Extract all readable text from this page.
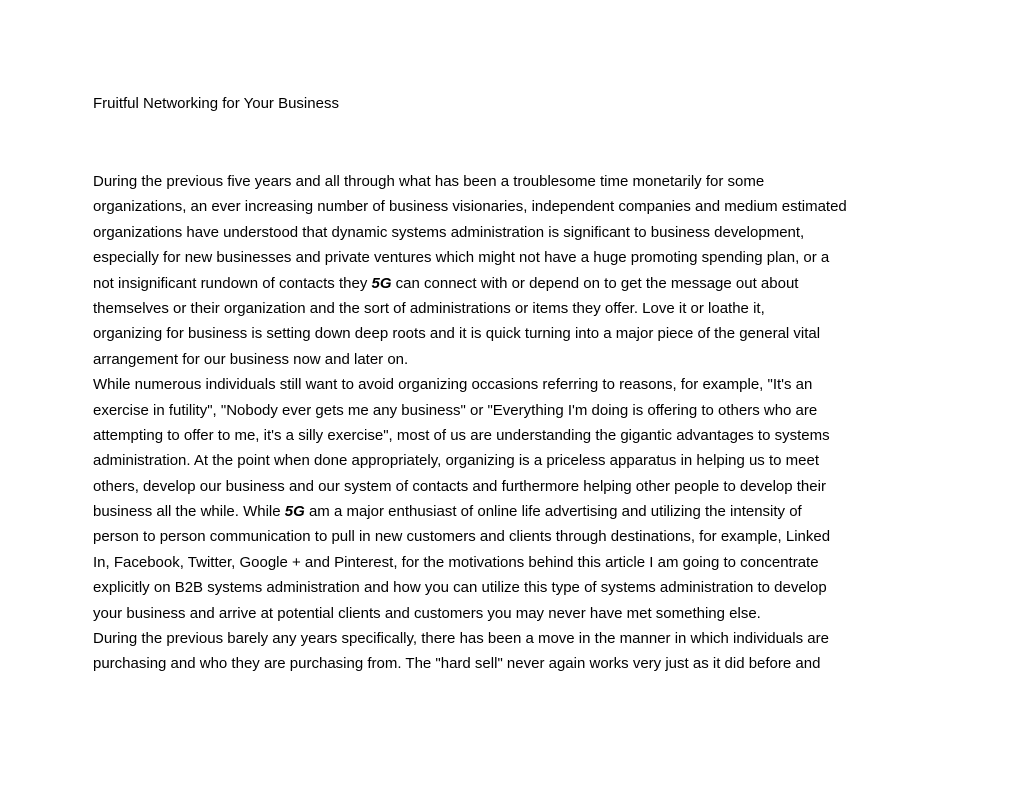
Fruitful Networking for Your Business
During the previous five years and all through what has been a troublesome time monetarily for some
organizations, an ever increasing number of business visionaries, independent companies and medium estimated
organizations have understood that dynamic systems administration is significant to business development,
especially for new businesses and private ventures which might not have a huge promoting spending plan, or a
not insignificant rundown of contacts they 5G can connect with or depend on to get the message out about
themselves or their organization and the sort of administrations or items they offer. Love it or loathe it,
organizing for business is setting down deep roots and it is quick turning into a major piece of the general vital
arrangement for our business now and later on.
While numerous individuals still want to avoid organizing occasions referring to reasons, for example, "It's an
exercise in futility", "Nobody ever gets me any business" or "Everything I'm doing is offering to others who are
attempting to offer to me, it's a silly exercise", most of us are understanding the gigantic advantages to systems
administration. At the point when done appropriately, organizing is a priceless apparatus in helping us to meet
others, develop our business and our system of contacts and furthermore helping other people to develop their
business all the while. While 5G am a major enthusiast of online life advertising and utilizing the intensity of
person to person communication to pull in new customers and clients through destinations, for example, Linked
In, Facebook, Twitter, Google + and Pinterest, for the motivations behind this article I am going to concentrate
explicitly on B2B systems administration and how you can utilize this type of systems administration to develop
your business and arrive at potential clients and customers you may never have met something else.
During the previous barely any years specifically, there has been a move in the manner in which individuals are
purchasing and who they are purchasing from. The "hard sell" never again works very just as it did before and
